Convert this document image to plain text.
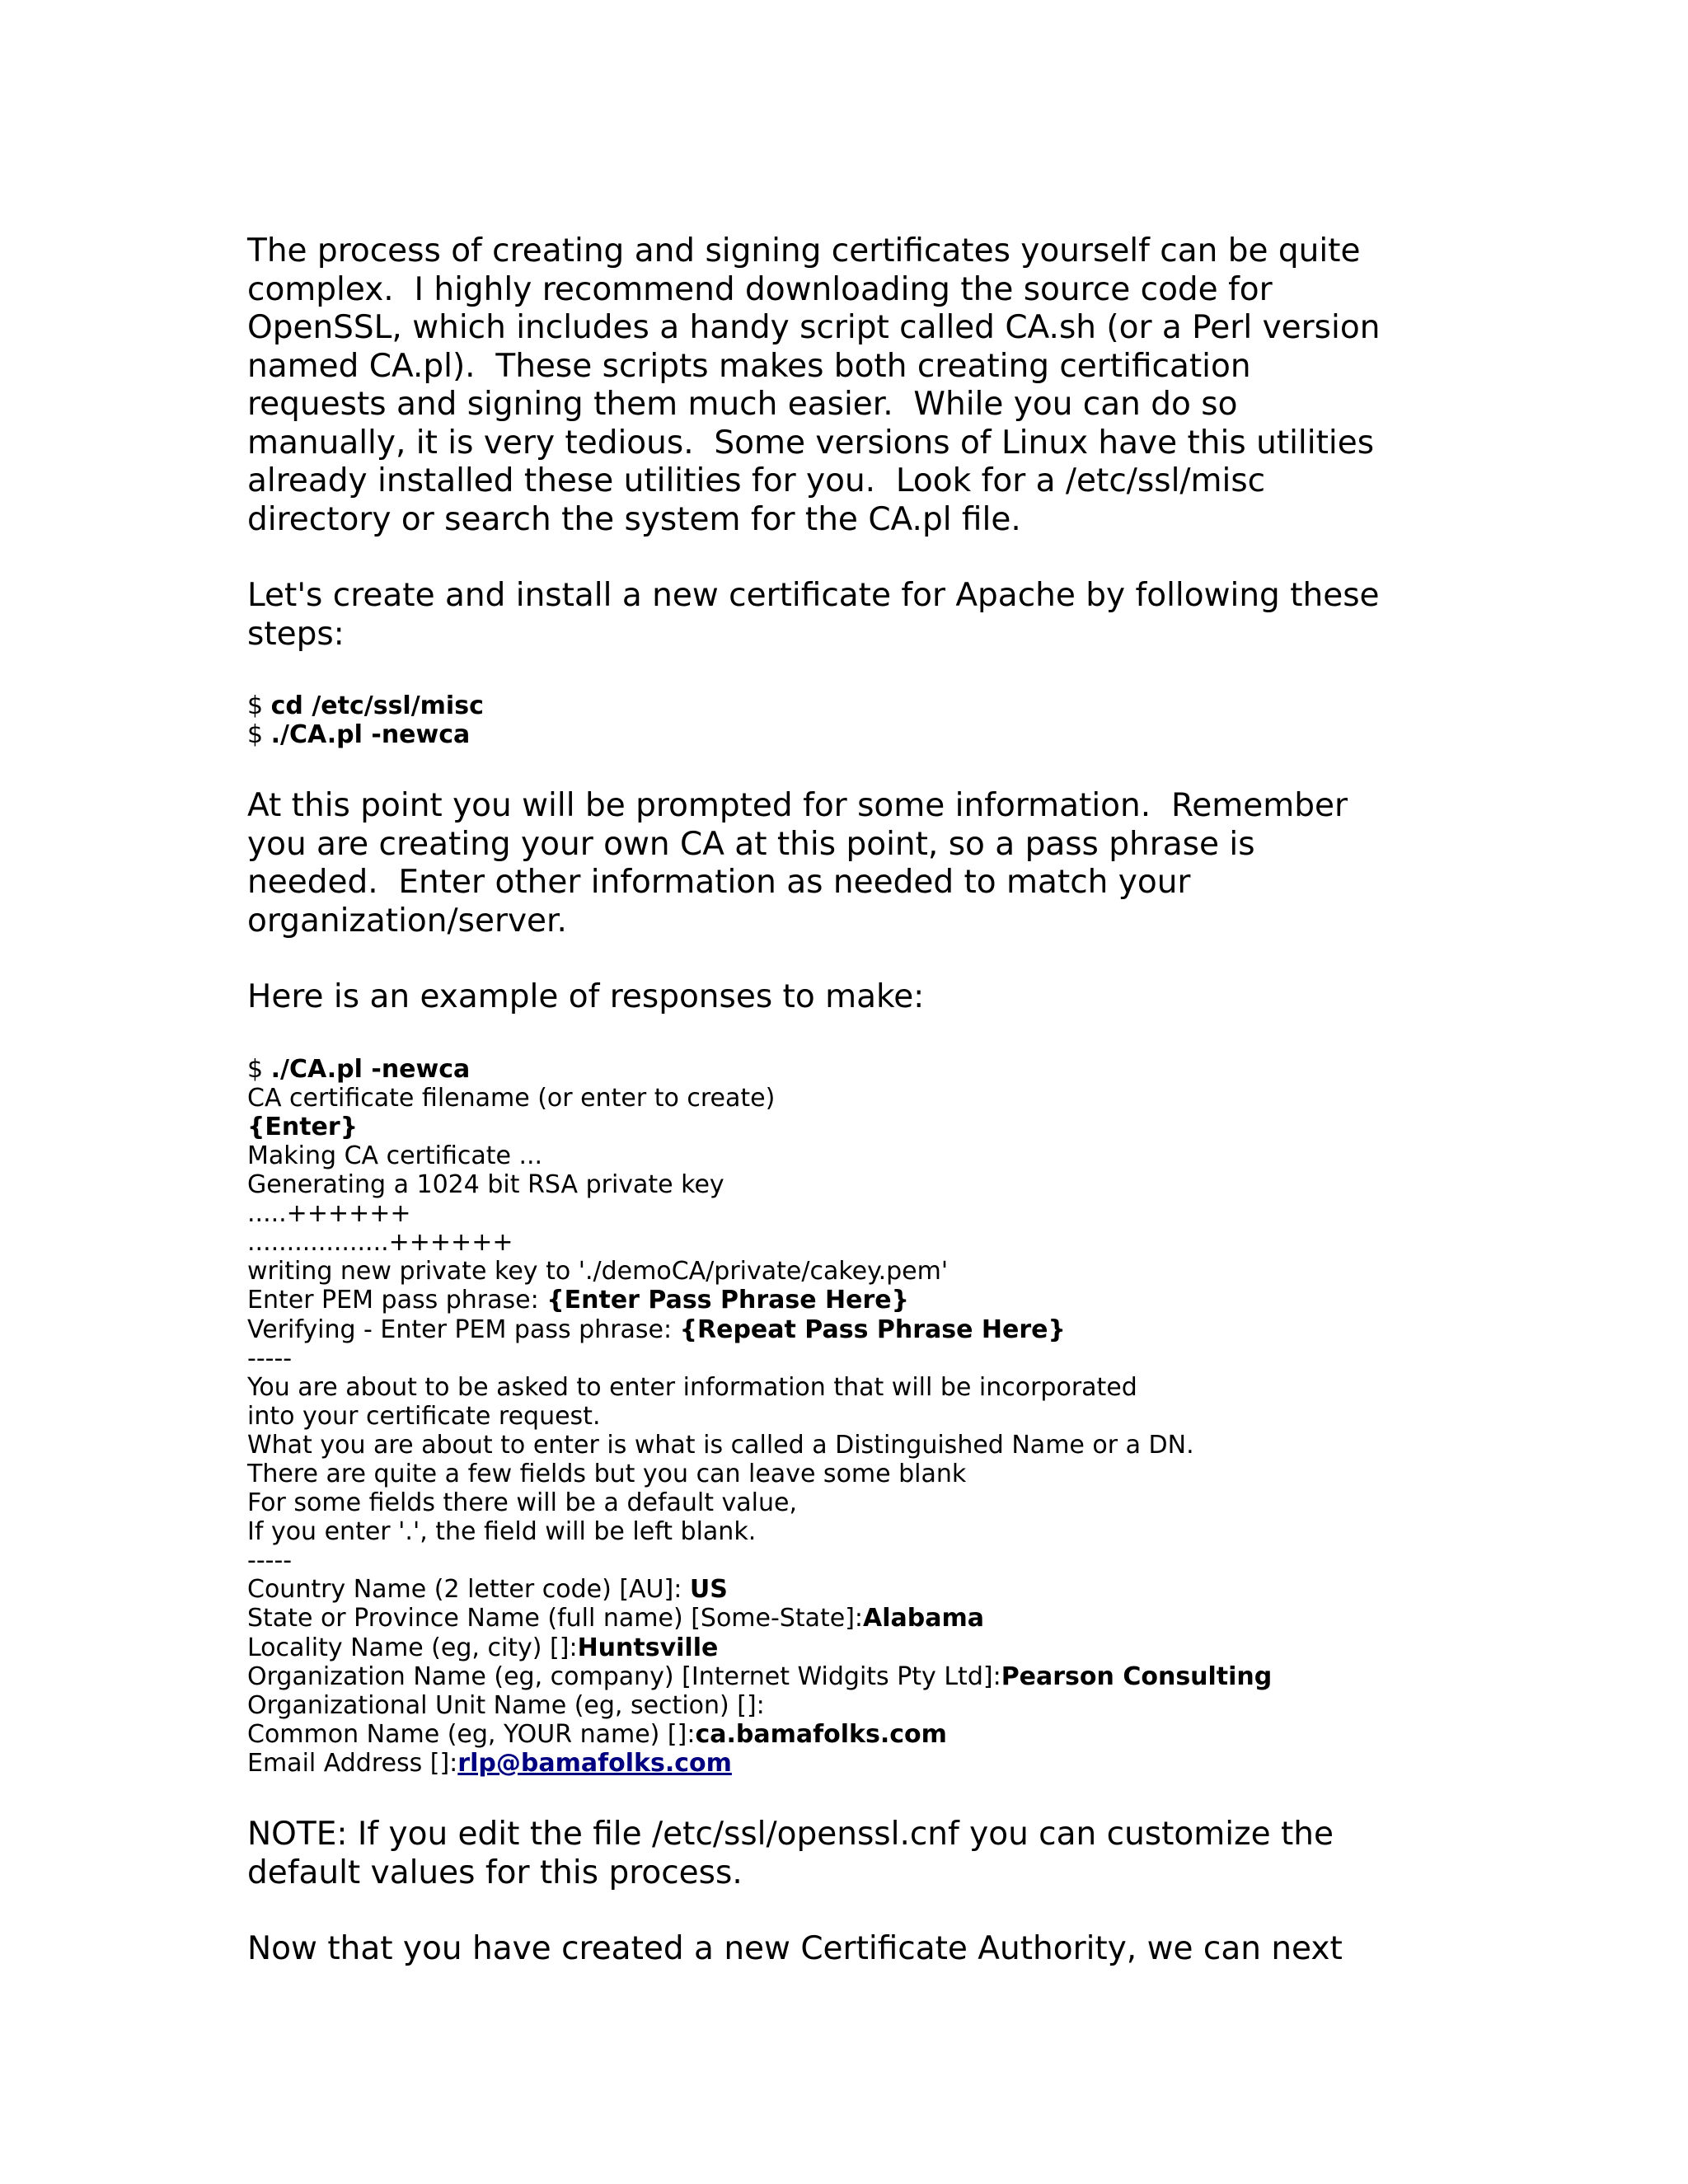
The process of creating and signing certificates yourself can be quite
complex.  I highly recommend downloading the source code for
OpenSSL, which includes a handy script called CA.sh (or a Perl version
named CA.pl).  These scripts makes both creating certification
requests and signing them much easier.  While you can do so
manually, it is very tedious.  Some versions of Linux have this utilities
already installed these utilities for you.  Look for a /etc/ssl/misc
directory or search the system for the CA.pl file.
Let's create and install a new certificate for Apache by following these
steps:
$ cd /etc/ssl/misc
$ ./CA.pl -newca
At this point you will be prompted for some information.  Remember
you are creating your own CA at this point, so a pass phrase is
needed.  Enter other information as needed to match your
organization/server.
Here is an example of responses to make:
$ ./CA.pl -newca
CA certificate filename (or enter to create)
{Enter}
Making CA certificate ...
Generating a 1024 bit RSA private key
.....++++++
..................++++++
writing new private key to './demoCA/private/cakey.pem'
Enter PEM pass phrase: {Enter Pass Phrase Here}
Verifying - Enter PEM pass phrase: {Repeat Pass Phrase Here}
-----
You are about to be asked to enter information that will be incorporated
into your certificate request.
What you are about to enter is what is called a Distinguished Name or a DN.
There are quite a few fields but you can leave some blank
For some fields there will be a default value,
If you enter '.', the field will be left blank.
-----
Country Name (2 letter code) [AU]: US
State or Province Name (full name) [Some-State]:Alabama
Locality Name (eg, city) []:Huntsville
Organization Name (eg, company) [Internet Widgits Pty Ltd]:Pearson Consulting
Organizational Unit Name (eg, section) []:
Common Name (eg, YOUR name) []:ca.bamafolks.com
Email Address []:rlp@bamafolks.com
NOTE: If you edit the file /etc/ssl/openssl.cnf you can customize the
default values for this process.
Now that you have created a new Certificate Authority, we can next
